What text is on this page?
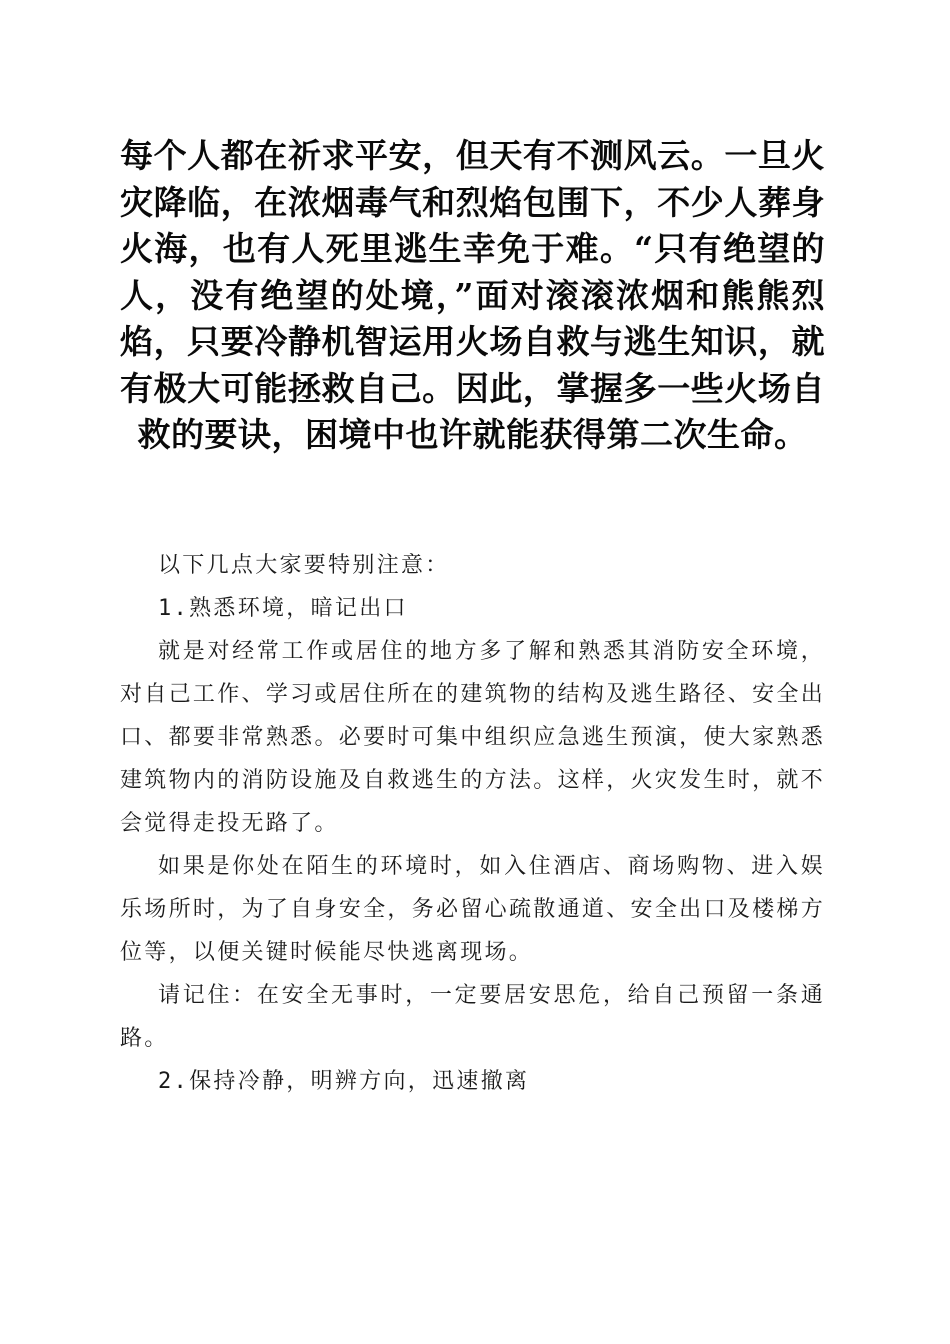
每个人都在祈求平安，但天有不测风云。一旦火灾降临，在浓烟毒气和烈焰包围下，不少人葬身火海，也有人死里逃生幸免于难。“只有绝望的人，没有绝望的处境，”面对滚滚浓烟和熊熊烈焰，只要冷静机智运用火场自救与逃生知识，就有极大可能拯救自己。因此，掌握多一些火场自救的要诀，困境中也许就能获得第二次生命。

以下几点大家要特别注意：

1.熟悉环境，暗记出口

就是对经常工作或居住的地方多了解和熟悉其消防安全环境，对自己工作、学习或居住所在的建筑物的结构及逃生路径、安全出口、都要非常熟悉。必要时可集中组织应急逃生预演，使大家熟悉建筑物内的消防设施及自救逃生的方法。这样，火灾发生时，就不会觉得走投无路了。

如果是你处在陌生的环境时，如入住酒店、商场购物、进入娱乐场所时，为了自身安全，务必留心疏散通道、安全出口及楼梯方位等，以便关键时候能尽快逃离现场。

请记住：在安全无事时，一定要居安思危，给自己预留一条通路。

2.保持冷静，明辨方向，迅速撤离
